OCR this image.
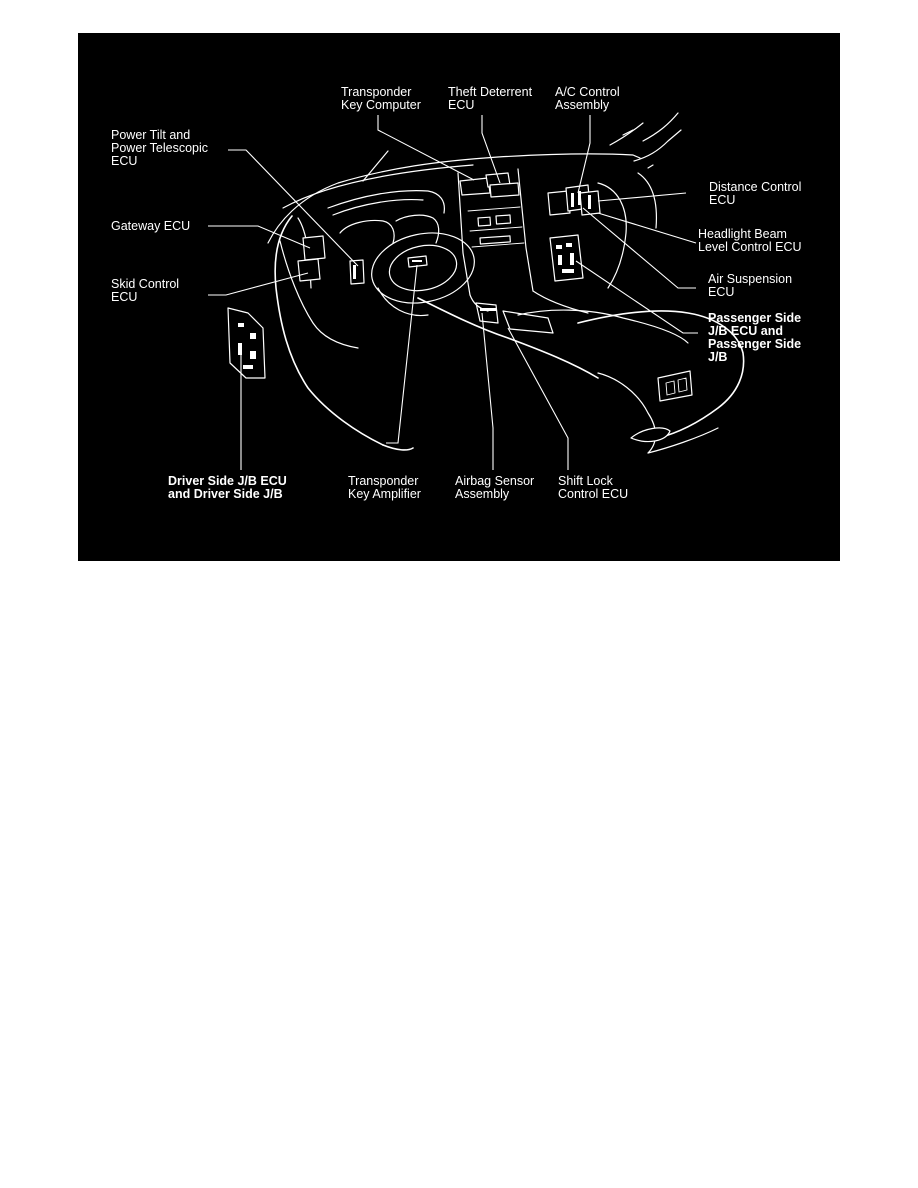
Transponder
Key Computer
Theft Deterrent
ECU
A/C Control
Assembly
Power Tilt and
Power Telescopic
ECU
Distance Control
ECU
Gateway ECU
Headlight Beam
Level Control ECU
Air Suspension
ECU
Skid Control
ECU
Passenger Side
J/B ECU and
Passenger Side
J/B
Driver Side J/B ECU
and Driver Side J/B
Transponder
Key Amplifier
Airbag Sensor
Assembly
Shift Lock
Control ECU
